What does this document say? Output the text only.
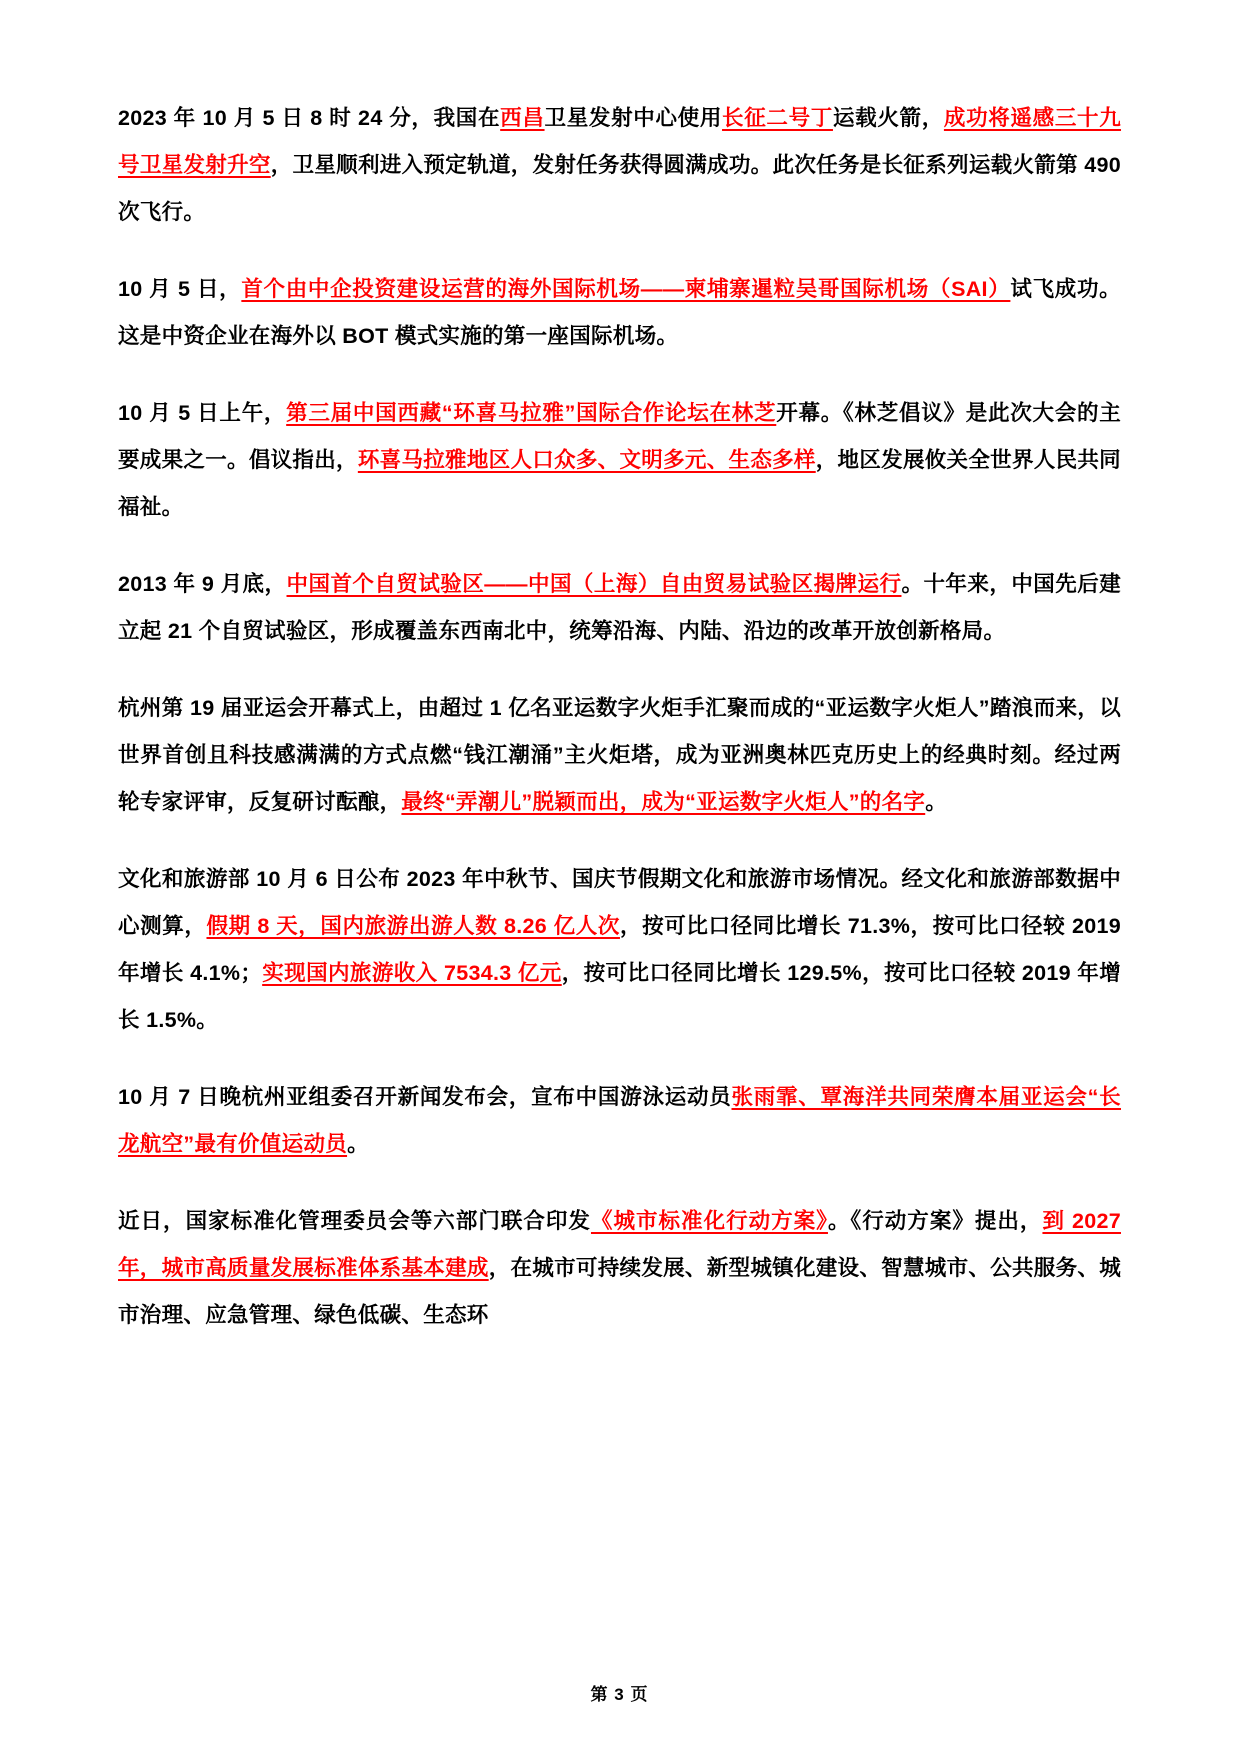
2023 年 10 月 5 日 8 时 24 分，我国在西昌卫星发射中心使用长征二号丁运载火箭，成功将遥感三十九号卫星发射升空，卫星顺利进入预定轨道，发射任务获得圆满成功。此次任务是长征系列运载火箭第 490 次飞行。

10 月 5 日，首个由中企投资建设运营的海外国际机场——柬埔寨暹粒吴哥国际机场（SAI）试飞成功。这是中资企业在海外以 BOT 模式实施的第一座国际机场。

10 月 5 日上午，第三届中国西藏“环喜马拉雅”国际合作论坛在林芝开幕。《林芝倡议》是此次大会的主要成果之一。倡议指出，环喜马拉雅地区人口众多、文明多元、生态多样，地区发展攸关全世界人民共同福祉。

2013 年 9 月底，中国首个自贸试验区——中国（上海）自由贸易试验区揭牌运行。十年来，中国先后建立起 21 个自贸试验区，形成覆盖东西南北中，统筹沿海、内陆、沿边的改革开放创新格局。

杭州第 19 届亚运会开幕式上，由超过 1 亿名亚运数字火炬手汇聚而成的“亚运数字火炬人”踏浪而来，以世界首创且科技感满满的方式点燃“钱江潮涌”主火炬塔，成为亚洲奥林匹克历史上的经典时刻。经过两轮专家评审，反复研讨酝酿，最终“弄潮儿”脱颖而出，成为“亚运数字火炬人”的名字。

文化和旅游部 10 月 6 日公布 2023 年中秋节、国庆节假期文化和旅游市场情况。经文化和旅游部数据中心测算，假期 8 天，国内旅游出游人数 8.26 亿人次，按可比口径同比增长 71.3%，按可比口径较 2019 年增长 4.1%；实现国内旅游收入 7534.3 亿元，按可比口径同比增长 129.5%，按可比口径较 2019 年增长 1.5%。

10 月 7 日晚杭州亚组委召开新闻发布会，宣布中国游泳运动员张雨霏、覃海洋共同荣膺本届亚运会“长龙航空”最有价值运动员。

近日，国家标准化管理委员会等六部门联合印发《城市标准化行动方案》。《行动方案》提出，到 2027 年，城市高质量发展标准体系基本建成，在城市可持续发展、新型城镇化建设、智慧城市、公共服务、城市治理、应急管理、绿色低碳、生态环

第 3 页
